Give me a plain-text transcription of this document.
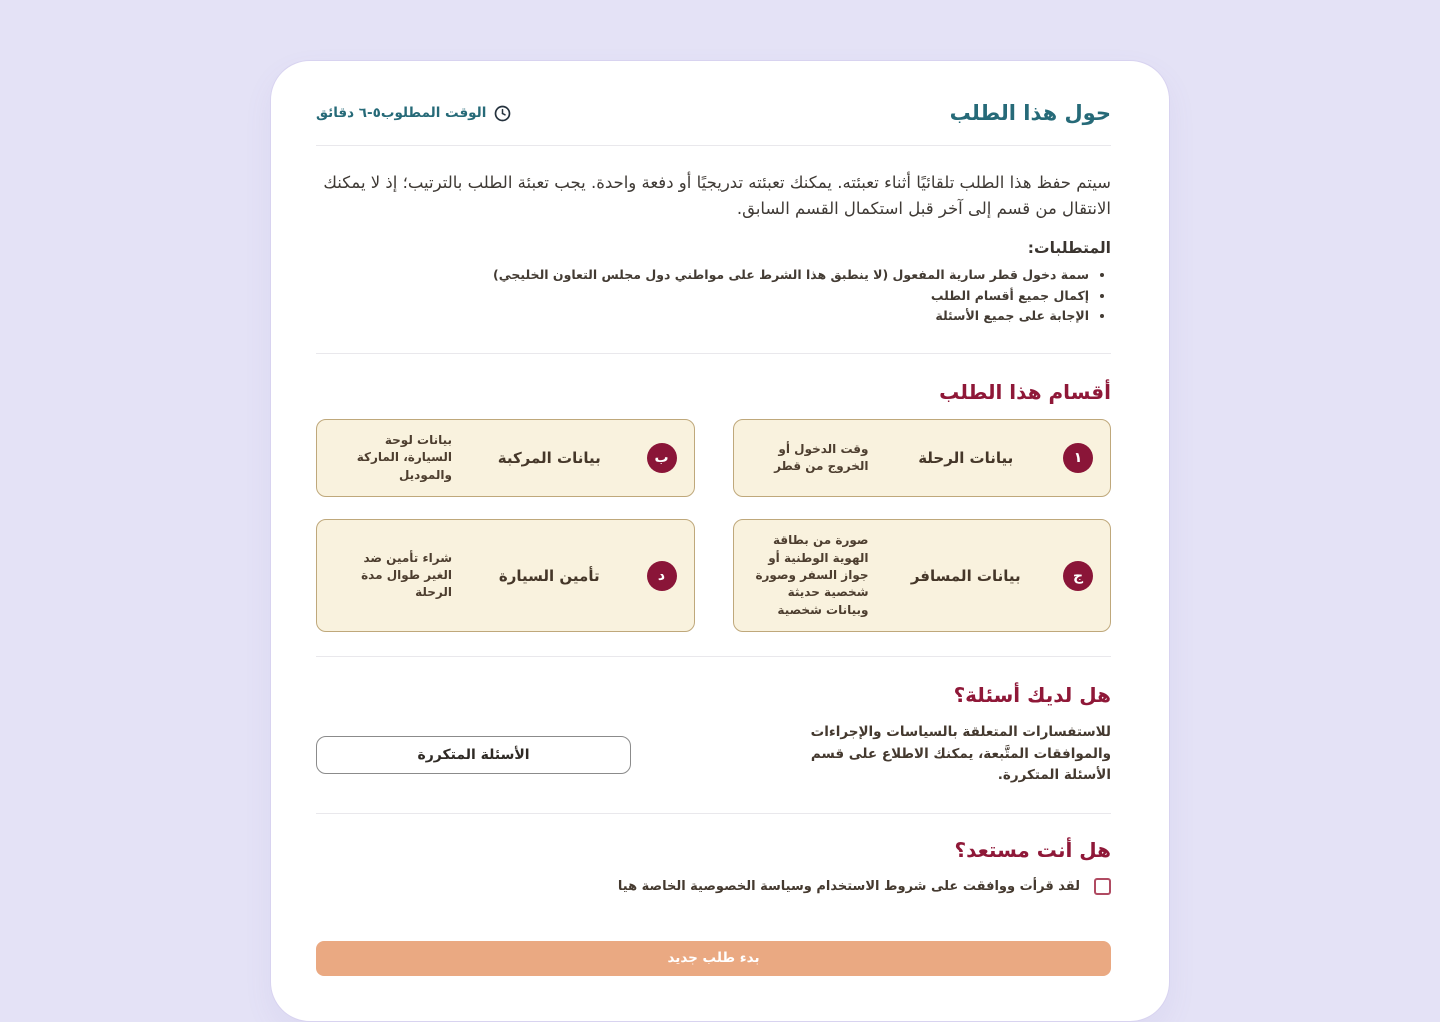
حول هذا الطلب
الوقت المطلوب٥-٦ دقائق

سيتم حفظ هذا الطلب تلقائيًا أثناء تعبئته. يمكنك تعبئته تدريجيًا أو دفعة واحدة. يجب تعبئة الطلب بالترتيب؛ إذ لا يمكنك الانتقال من قسم إلى آخر قبل استكمال القسم السابق.

المتطلبات:
• سمة دخول قطر سارية المفعول (لا ينطبق هذا الشرط على مواطني دول مجلس التعاون الخليجي)
• إكمال جميع أقسام الطلب
• الإجابة على جميع الأسئلة
أقسام هذا الطلب
١
بيانات الرحلة
وقت الدخول أو الخروج من قطر
ب
بيانات المركبة
بيانات لوحة السيارة، الماركة والموديل
ج
بيانات المسافر
صورة من بطاقة الهوية الوطنية أو جواز السفر وصورة شخصية حديثة وبيانات شخصية
د
تأمين السيارة
شراء تأمين ضد الغير طوال مدة الرحلة
هل لديك أسئلة؟

للاستفسارات المتعلقة بالسياسات والإجراءات والموافقات المتَّبعة، يمكنك الاطلاع على قسم الأسئلة المتكررة.

الأسئلة المتكررة
هل أنت مستعد؟
لقد قرأت ووافقت على شروط الاستخدام وسياسة الخصوصية الخاصة هيا
بدء طلب جديد
